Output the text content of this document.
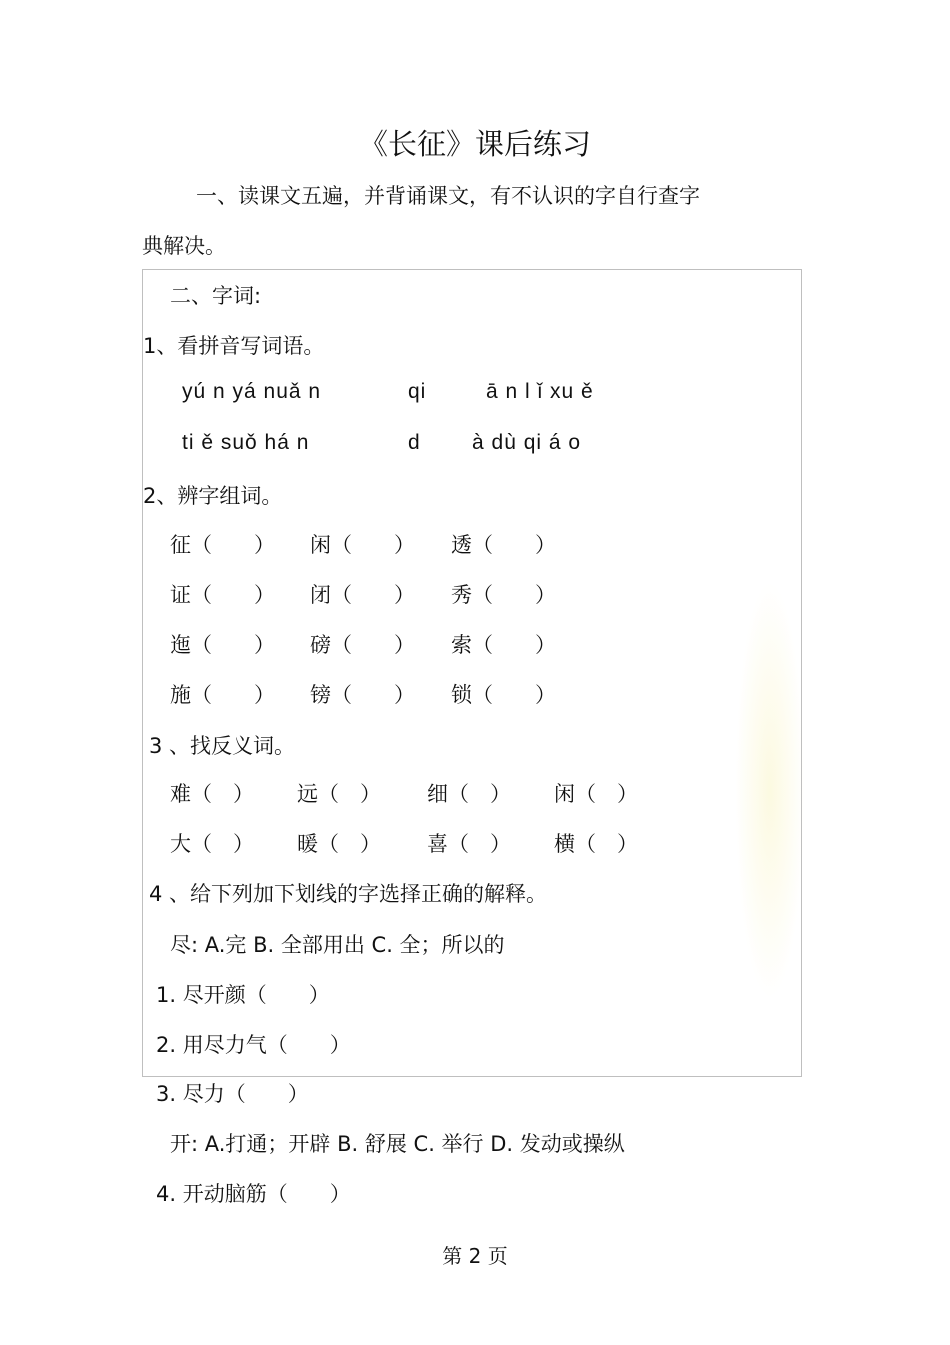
《长征》课后练习
一、读课文五遍，并背诵课文，有不认识的字自行查字
典解决。
二、字词:
1、看拼音写词语。
yú n yá nuǎ n	qi	ā n l ǐ xu ě
ti ě suǒ há n	d à dù qi á o
2、辨字组词。
征（　　） 闲（　　） 透（　　）
证（　　） 闭（　　） 秀（　　）
迤（　　） 磅（　　） 索（　　）
施（　　） 镑（　　） 锁（　　）
3 、找反义词。
难（　） 远（　） 细（　） 闲（　）
大（　） 暖（　） 喜（　） 横（　）
4 、给下列加下划线的字选择正确的解释。
尽: A.完 B. 全部用出 C. 全；所以的
1. 尽开颜（　　）
2. 用尽力气（　　）
3. 尽力（　　）
开: A.打通；开辟 B. 舒展 C. 举行 D. 发动或操纵
4. 开动脑筋（　　）
第 2 页
